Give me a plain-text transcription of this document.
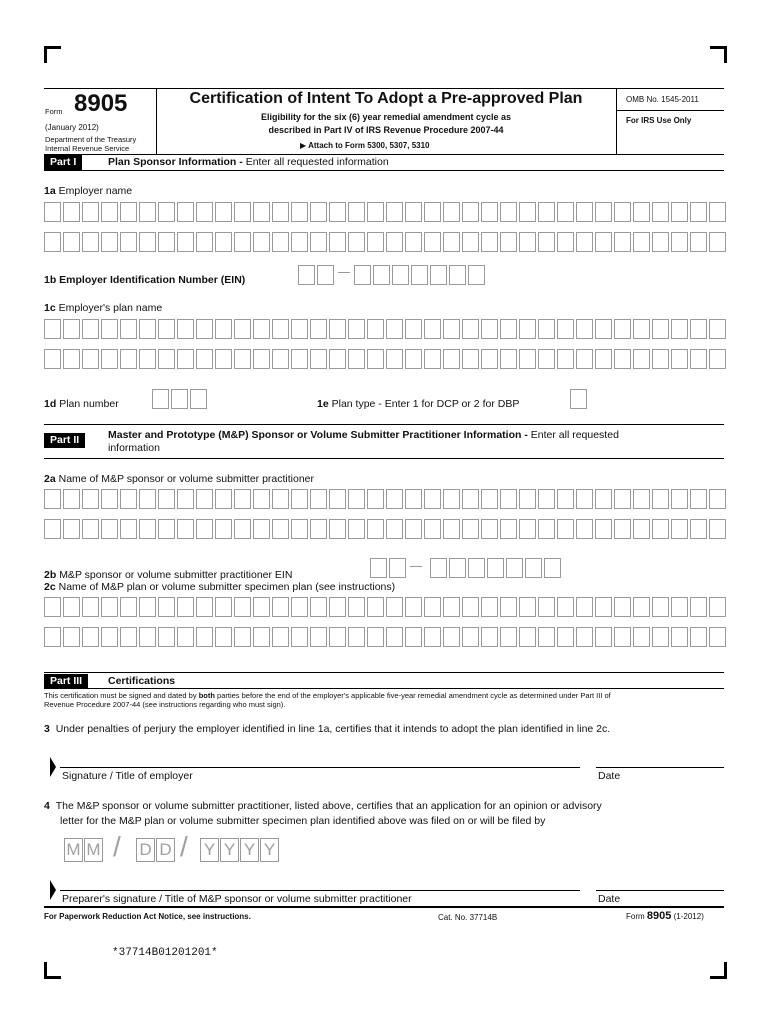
Form 8905
(January 2012)
Department of the Treasury
Internal Revenue Service
Certification of Intent To Adopt a Pre-approved Plan
Eligibility for the six (6) year remedial amendment cycle as
described in Part IV of IRS Revenue Procedure 2007-44
▶ Attach to Form 5300, 5307, 5310
OMB No. 1545-2011
For IRS Use Only
Part I	Plan Sponsor Information - Enter all requested information
1a Employer name
1b Employer Identification Number (EIN)
1c Employer's plan name
1d Plan number	1e Plan type - Enter 1 for DCP or 2 for DBP
Part II	Master and Prototype (M&P) Sponsor or Volume Submitter Practitioner Information - Enter all requested
information
2a Name of M&P sponsor or volume submitter practitioner
2b M&P sponsor or volume submitter practitioner EIN
2c Name of M&P plan or volume submitter specimen plan (see instructions)
Part III	Certifications
This certification must be signed and dated by both parties before the end of the employer's applicable five-year remedial amendment cycle as determined under Part III of
Revenue Procedure 2007-44 (see instructions regarding who must sign).
3 Under penalties of perjury the employer identified in line 1a, certifies that it intends to adopt the plan identified in line 2c.
Signature / Title of employer	Date
4 The M&P sponsor or volume submitter practitioner, listed above, certifies that an application for an opinion or advisory
letter for the M&P plan or volume submitter specimen plan identified above was filed on or will be filed by
M M / D D / Y Y Y Y
Preparer's signature / Title of M&P sponsor or volume submitter practitioner	Date
For Paperwork Reduction Act Notice, see instructions.	Cat. No. 37714B	Form 8905 (1-2012)
*37714B01201201*
